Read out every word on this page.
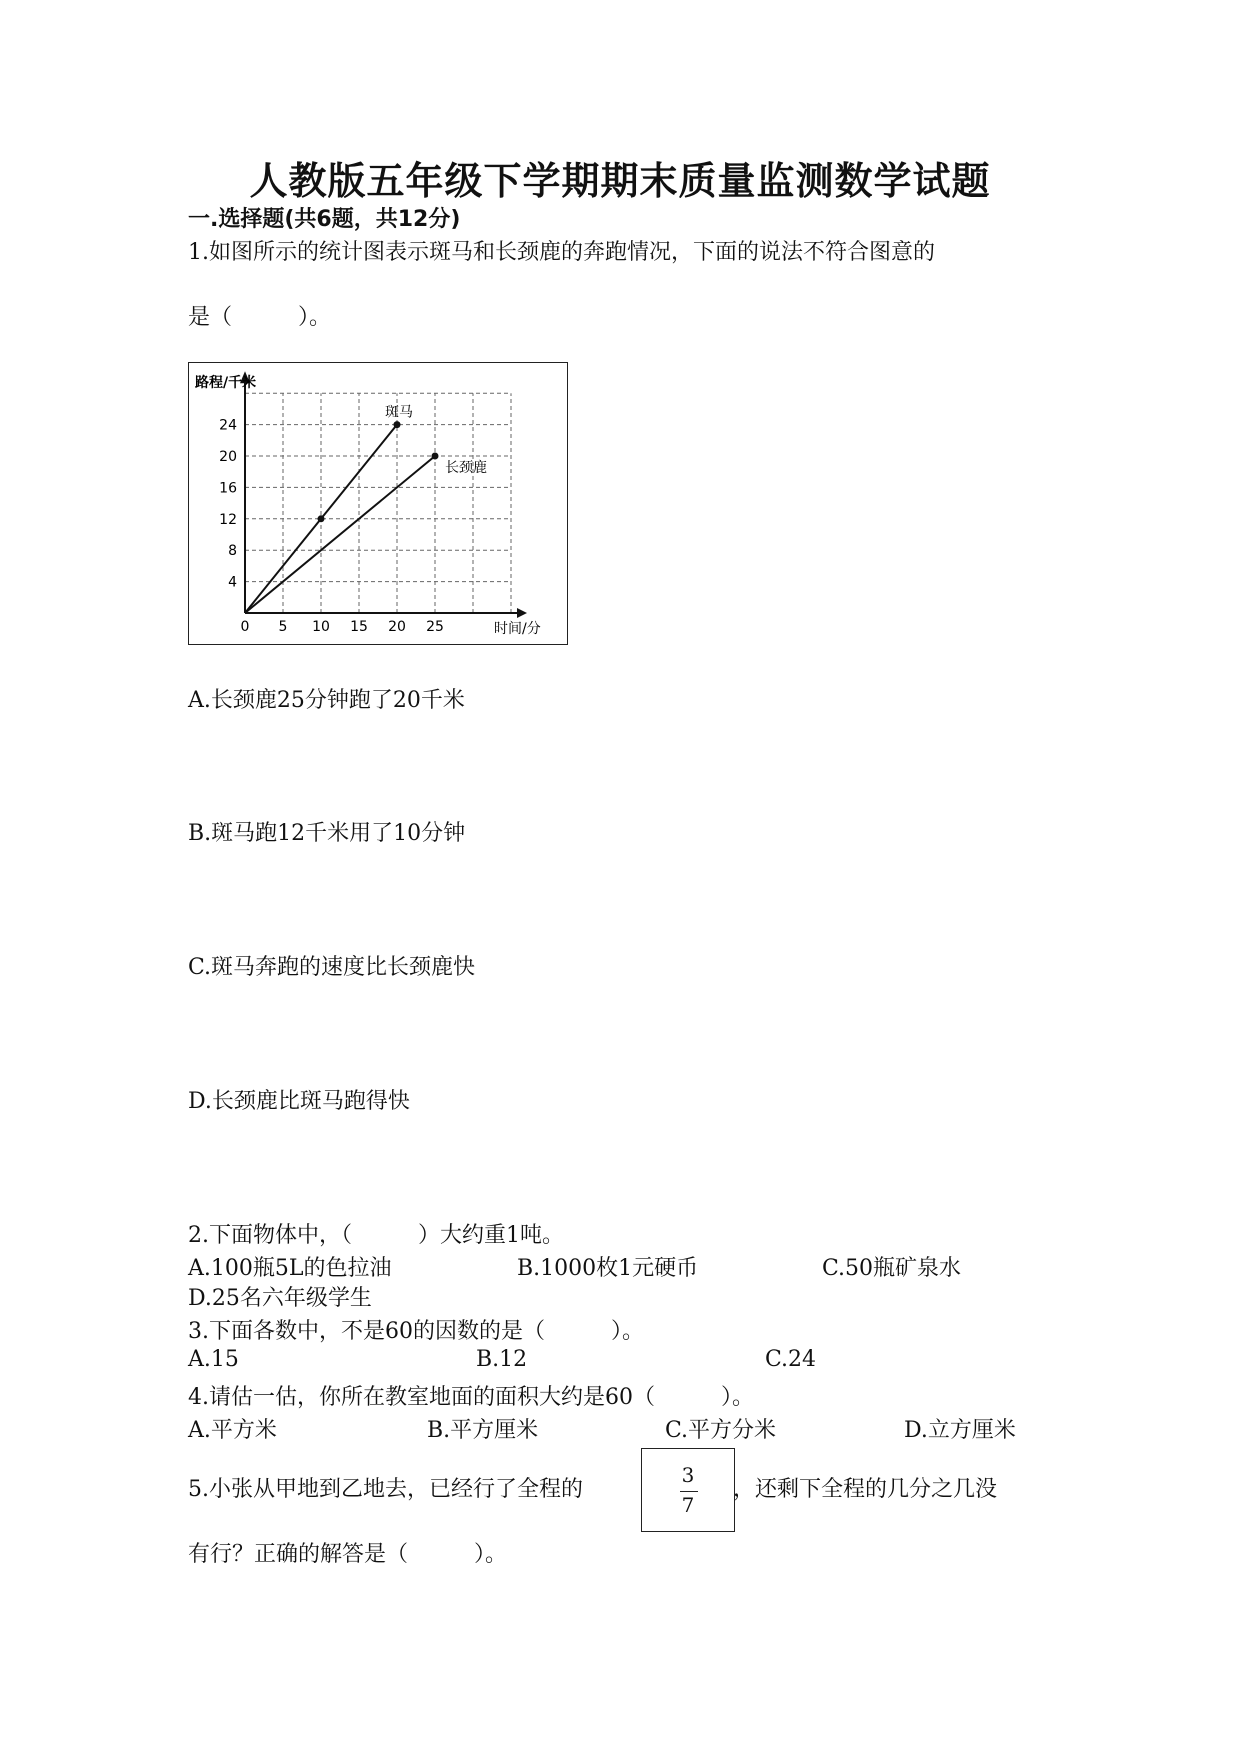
人教版五年级下学期期末质量监测数学试题
一.选择题(共6题，共12分)
1.如图所示的统计图表示斑马和长颈鹿的奔跑情况，下面的说法不符合图意的
是（　　　）。
0 5 10 15 20 25
4
8
12
16
20
24
斑马
长颈鹿
路程/千米
时间/分
A.长颈鹿25分钟跑了20千米
B.斑马跑12千米用了10分钟
C.斑马奔跑的速度比长颈鹿快
D.长颈鹿比斑马跑得快
2.下面物体中，（　　　）大约重1吨。
A.100瓶5L的色拉油	B.1000枚1元硬币	C.50瓶矿泉水
D.25名六年级学生
3.下面各数中，不是60的因数的是（　　　）。
A.15	B.12	C.24
4.请估一估，你所在教室地面的面积大约是60（　　　）。
A.平方米	B.平方厘米	C.平方分米	D.立方厘米
5.小张从甲地到乙地去，已经行了全程的
3
7
，还剩下全程的几分之几没
有行？正确的解答是（　　　）。
